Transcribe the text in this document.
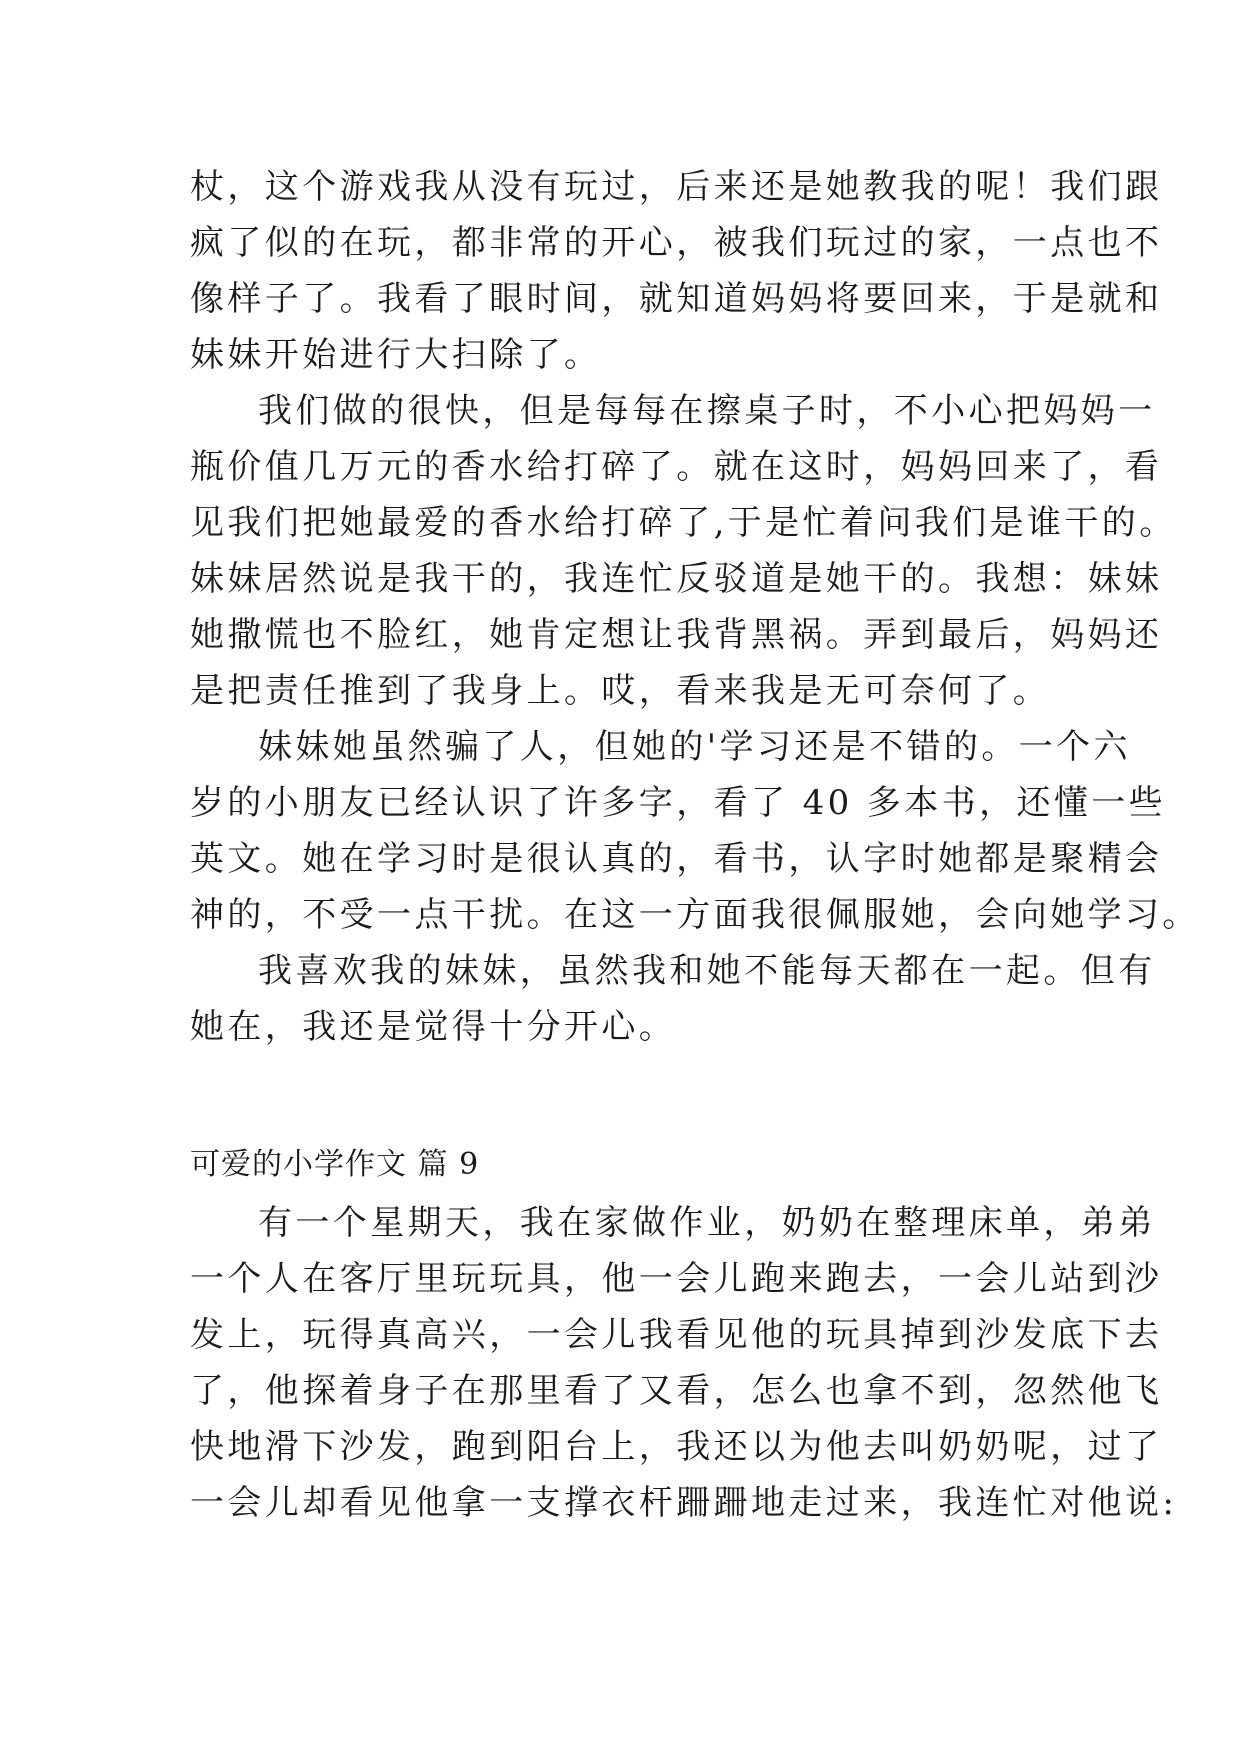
杖，这个游戏我从没有玩过，后来还是她教我的呢！我们跟
疯了似的在玩，都非常的开心，被我们玩过的家，一点也不
像样子了。我看了眼时间，就知道妈妈将要回来，于是就和
妹妹开始进行大扫除了。
我们做的很快，但是每每在擦桌子时，不小心把妈妈一
瓶价值几万元的香水给打碎了。就在这时，妈妈回来了，看
见我们把她最爱的香水给打碎了,于是忙着问我们是谁干的。
妹妹居然说是我干的，我连忙反驳道是她干的。我想：妹妹
她撒慌也不脸红，她肯定想让我背黑祸。弄到最后，妈妈还
是把责任推到了我身上。哎，看来我是无可奈何了。
妹妹她虽然骗了人，但她的'学习还是不错的。一个六
岁的小朋友已经认识了许多字，看了 40 多本书，还懂一些
英文。她在学习时是很认真的，看书，认字时她都是聚精会
神的，不受一点干扰。在这一方面我很佩服她，会向她学习。
我喜欢我的妹妹，虽然我和她不能每天都在一起。但有
她在，我还是觉得十分开心。
可爱的小学作文 篇 9
有一个星期天，我在家做作业，奶奶在整理床单，弟弟
一个人在客厅里玩玩具，他一会儿跑来跑去，一会儿站到沙
发上，玩得真高兴，一会儿我看见他的玩具掉到沙发底下去
了，他探着身子在那里看了又看，怎么也拿不到，忽然他飞
快地滑下沙发，跑到阳台上，我还以为他去叫奶奶呢，过了
一会儿却看见他拿一支撑衣杆跚跚地走过来，我连忙对他说:
